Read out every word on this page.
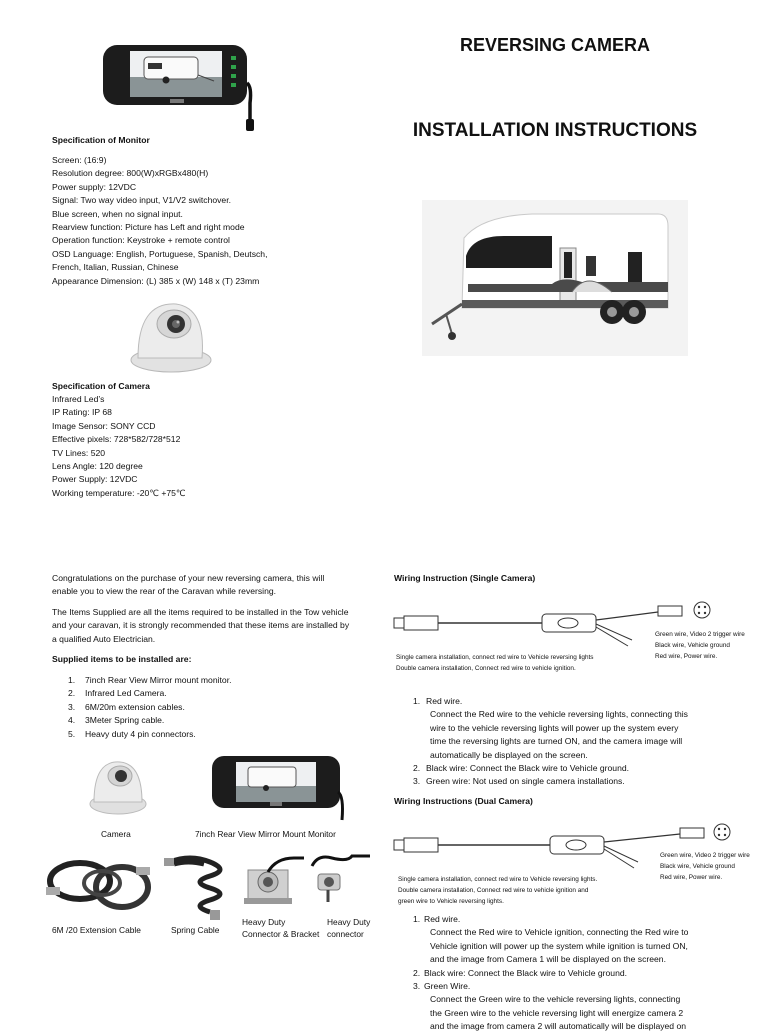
REVERSING CAMERA
INSTALLATION INSTRUCTIONS
Specification of Monitor
Screen: (16:9)
Resolution degree: 800(W)xRGBx480(H)
Power supply: 12VDC
Signal: Two way video input, V1/V2 switchover.
Blue screen, when no signal input.
Rearview function: Picture has Left and right mode
Operation function: Keystroke + remote control
OSD Language: English, Portuguese, Spanish, Deutsch,
French, Italian, Russian, Chinese
Appearance Dimension: (L) 385 x (W) 148 x (T) 23mm
Specification of Camera
Infrared Led’s
IP Rating: IP 68
Image Sensor: SONY CCD
Effective pixels: 728*582/728*512
TV Lines: 520
Lens Angle: 120 degree
Power Supply: 12VDC
Working temperature: -20℃ +75℃
Congratulations on the purchase of your new reversing camera, this will
enable you to view the rear of the Caravan while reversing.
The Items Supplied are all the items required to be installed in the Tow vehicle
and your caravan, it is strongly recommended that these items are installed by
a qualified Auto Electrician.
Supplied items to be installed are:
1. 7inch Rear View Mirror mount monitor.
2. Infrared Led Camera.
3. 6M/20m extension cables.
4. 3Meter Spring cable.
5. Heavy duty 4 pin connectors.
Camera	7inch Rear View Mirror Mount Monitor
6M /20 Extension Cable	Spring Cable
Heavy Duty
Connector & Bracket
Heavy Duty
connector
Wiring Instruction (Single Camera)
Green wire, Video 2 trigger wire
Black wire, Vehicle ground
Red wire, Power wire.
Single camera installation, connect red wire to Vehicle reversing lights
Double camera installation, Connect red wire to vehicle ignition.
1. Red wire.
Connect the Red wire to the vehicle reversing lights, connecting this
wire to the vehicle reversing lights will power up the system every
time the reversing lights are turned ON, and the camera image will
automatically be displayed on the screen.
2. Black wire: Connect the Black wire to Vehicle ground.
3. Green wire: Not used on single camera installations.
Wiring Instructions (Dual Camera)
Green wire, Video 2 trigger wire
Black wire, Vehicle ground
Red wire, Power wire.
Single camera installation, connect red wire to Vehicle reversing lights.
Double camera installation, Connect red wire to vehicle ignition and
green wire to Vehicle reversing lights.
1. Red wire.
Connect the Red wire to Vehicle ignition, connecting the Red wire to
Vehicle ignition will power up the system while ignition is turned ON,
and the image from Camera 1 will be displayed on the screen.
2. Black wire: Connect the Black wire to Vehicle ground.
3. Green Wire.
Connect the Green wire to the vehicle reversing lights, connecting
the Green wire to the vehicle reversing light will energize camera 2
and the image from camera 2 will automatically will be displayed on
